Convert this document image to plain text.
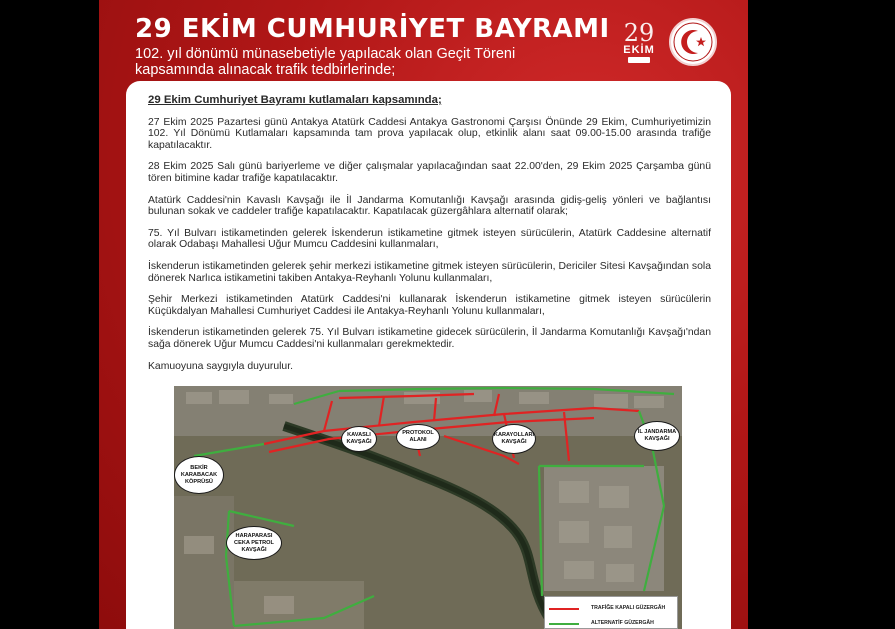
29 EKİM CUMHURİYET BAYRAMI
102. yıl dönümü münasebetiyle yapılacak olan Geçit Töreni kapsamında alınacak trafik tedbirlerinde;
29
EKİM
29 Ekim Cumhuriyet Bayramı kutlamaları kapsamında;

27 Ekim 2025 Pazartesi günü Antakya Atatürk Caddesi Antakya Gastronomi Çarşısı Önünde 29 Ekim, Cumhuriyetimizin 102. Yıl Dönümü Kutlamaları kapsamında tam prova yapılacak olup, etkinlik alanı saat 09.00-15.00 arasında trafiğe kapatılacaktır.

28 Ekim 2025 Salı günü bariyerleme ve diğer çalışmalar yapılacağından saat 22.00'den, 29 Ekim 2025 Çarşamba günü tören bitimine kadar trafiğe kapatılacaktır.

Atatürk Caddesi'nin Kavaslı Kavşağı ile İl Jandarma Komutanlığı Kavşağı arasında gidiş-geliş yönleri ve bağlantısı bulunan sokak ve caddeler trafiğe kapatılacaktır. Kapatılacak güzergâhlara alternatif olarak;

75. Yıl Bulvarı istikametinden gelerek İskenderun istikametine gitmek isteyen sürücülerin, Atatürk Caddesine alternatif olarak Odabaşı Mahallesi Uğur Mumcu Caddesini kullanmaları,

İskenderun istikametinden gelerek şehir merkezi istikametine gitmek isteyen sürücülerin, Dericiler Sitesi Kavşağından sola dönerek Narlıca istikametini takiben Antakya-Reyhanlı Yolunu kullanmaları,

Şehir Merkezi istikametinden Atatürk Caddesi'ni kullanarak İskenderun istikametine gitmek isteyen sürücülerin Küçükdalyan Mahallesi Cumhuriyet Caddesi ile Antakya-Reyhanlı Yolunu kullanmaları,

İskenderun istikametinden gelerek 75. Yıl Bulvarı istikametine gidecek sürücülerin, İl Jandarma Komutanlığı Kavşağı'ndan sağa dönerek Uğur Mumcu Caddesi'ni kullanmaları gerekmektedir.

Kamuoyuna saygıyla duyurulur.

KAVASLI KAVŞAĞI
PROTOKOL ALANI
KARAYOLLARI KAVŞAĞI
İL JANDARMA KAVŞAĞI
BEKİR KARABACAK KÖPRÜSÜ
HARAPARASI CEKA PETROL KAVŞAĞI
TRAFİĞE KAPALI GÜZERGÂH
ALTERNATİF GÜZERGÂH
